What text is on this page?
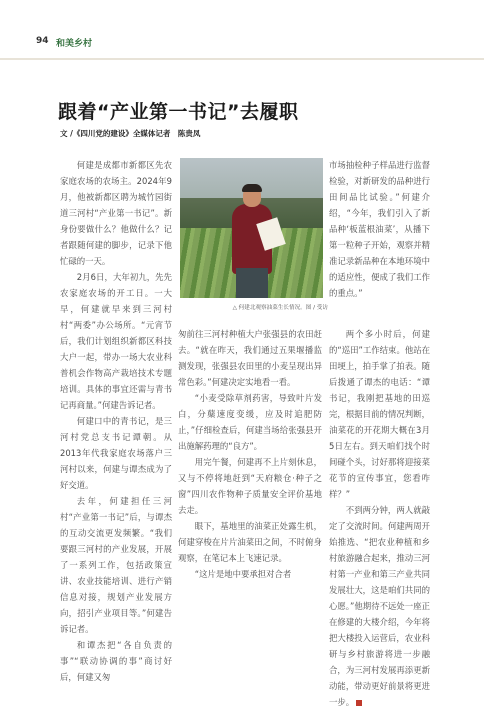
94 和美乡村
跟着“产业第一书记”去履职
文 /《四川党的建设》全媒体记者　陈贵凤

何建是成都市新都区先农家庭农场的农场主。2024年9月，他被新都区聘为城竹园街道三河村“产业第一书记”。新身份要做什么？他做什么？记者跟随何建的脚步，记录下他忙碌的一天。

2月6日，大年初九，先先农家庭农场的开工日。一大早，何建就早来到三河村村“两委”办公场所。“元宵节后，我们计划组织新都区科技大户一起，带办一场大农业科普机会作物高产栽培技术专题培训。具体的事宜还需与青书记再商量。”何建告诉记者。

何建口中的青书记，是三河村党总支书记谭朝。从2013年代我家庭农场落户三河村以来，何建与谭杰成为了好交道。

去年，何建担任三河村“产业第一书记”后，与谭杰的互动交流更发频繁。“我们要跟三河村的产业发展，开展了一系列工作，包括政策宣讲、农业技能培训、进行产销信息对接，规划产业发展方向，招引产业项目等。”何建告诉记者。

和谭杰把“各自负责的事”“联动协调的事”商讨好后，何建又匆

△ 何建北观察油菜生长情况。图 / 受访

匆前往三河村种植大户张强县的农田赶去。“就在昨天，我们通过五果堰播监测发现，张强县农田里的小麦呈现出异常色彩。”何建决定实地看一看。

“小麦受除草剂药害，导致叶片发白，分蘖速度变缓，应及时追肥防止，”仔细检查后，何建当场给张强县开出施解药理的“良方”。

用完午餐，何建再不上片刻休息，又与不停将地赶到“天府粮仓·种子之窗”四川农作物种子质量安全评价基地去走。

眼下，基地里的油菜正处露生机，何建穿梭在片片油菜田之间，不时俯身观察，在笔记本上飞速记录。

“这片是地中要承担对合者

市场抽检种子样品进行监督检验，对新研发的品种进行田间品比试验。”何建介绍，“今年，我们引入了新品种‘板蓝根油菜’，从播下第一粒种子开始，观察并精准记录新品种在本地环境中的适应性，便成了我们工作的重点。”

两个多小时后，何建的“巡田”工作结束。他站在田埂上，拍手掌了拍表。随后拨通了谭杰的电话：“谭书记，我刚把基地的田巡完，根据目前的情况判断，油菜花的开花期大概在3月5日左右。到天咱们找个时间碰个头，讨好那将迎接菜花节的宣传事宜，您看咋样？”

不到两分钟，两人就敲定了交流时间。何建两周开始推选、“把农业种植和乡村旅游融合起来，推动三河村第一产业和第三产业共同发展壮大，这是咱们共同的心愿。”他期待不远处一座正在修建的大楼介绍，今年将把大楼投入运营后，农业科研与乡村旅游将进一步融合，为三河村发展再添更新动能，带动更好前景将更进一步。
